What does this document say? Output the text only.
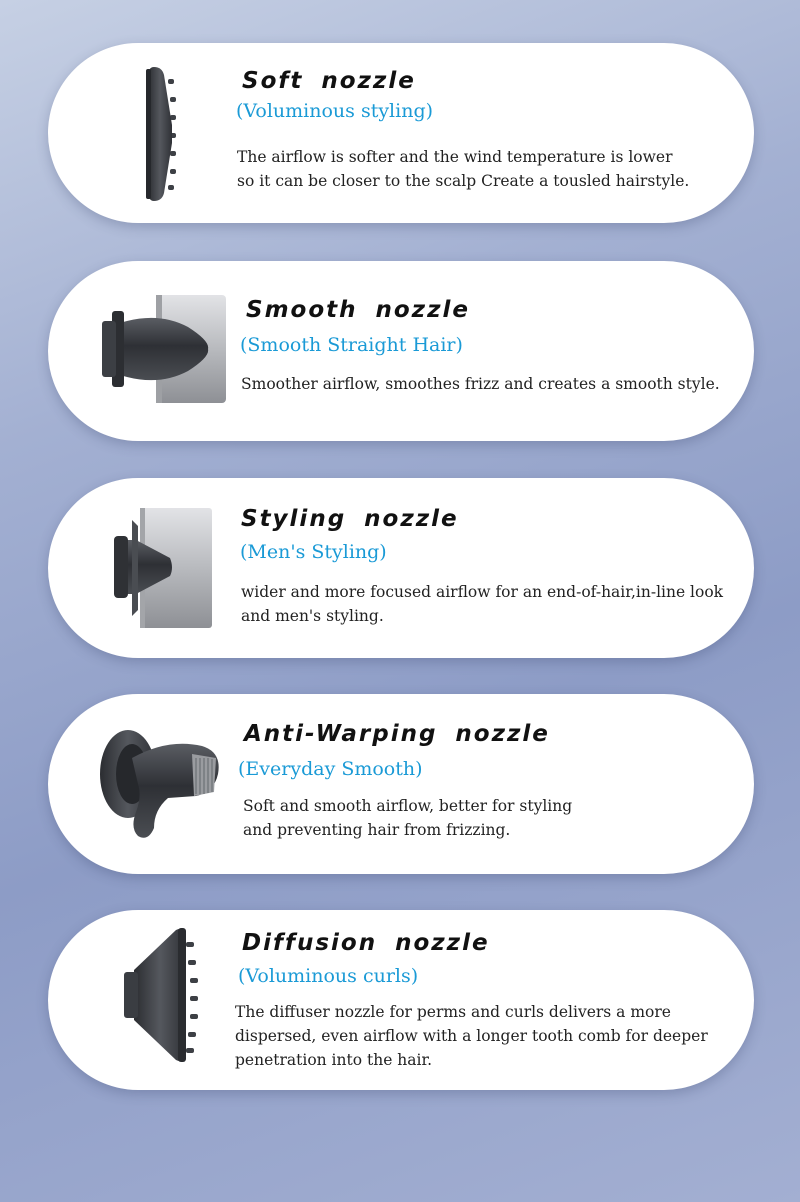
Soft nozzle

(Voluminous styling)

The airflow is softer and the wind temperature is lower
so it can be closer to the scalp Create a tousled hairstyle.

Smooth nozzle

(Smooth Straight Hair)

Smoother airflow, smoothes frizz and creates a smooth style.

Styling nozzle

(Men's Styling)

wider and more focused airflow for an end-of-hair,in-line look
and men's styling.

Anti-Warping nozzle

(Everyday Smooth)

Soft and smooth airflow, better for styling
and preventing hair from frizzing.

Diffusion nozzle

(Voluminous curls)

The diffuser nozzle for perms and curls delivers a more
dispersed, even airflow with a longer tooth comb for deeper
penetration into the hair.
